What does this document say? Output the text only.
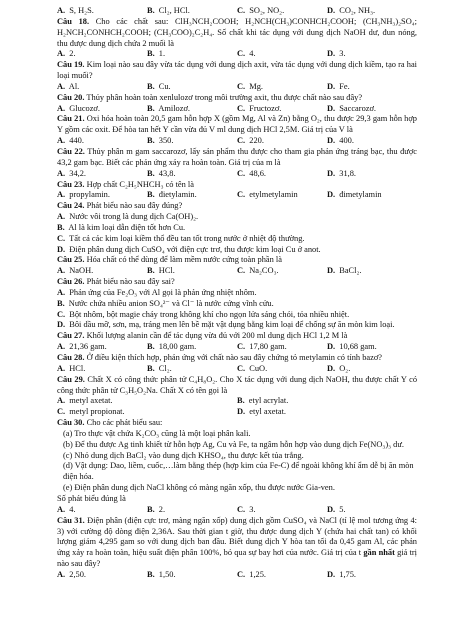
A. S, H₂S.	B. Cl₂, HCl.	C. SO₂, NO₂.	D. CO₂, NH₃.
Câu 18. Cho các chất sau: ClH₃NCH₂COOH; H₂NCH(CH₃)CONHCH₂COOH; (CH₃NH₃)₂SO₄; H₂NCH₂CONHCH₂COOH; (CH₃COO)₂C₂H₄. Số chất khi tác dụng với dung dịch NaOH dư, đun nóng, thu được dung dịch chứa 2 muối là
A. 2.	B. 1.	C. 4.	D. 3.
Câu 19. Kim loại nào sau đây vừa tác dụng với dung dịch axit, vừa tác dụng với dung dịch kiềm, tạo ra hai loại muối?
A. Al.	B. Cu.	C. Mg.	D. Fe.
Câu 20. Thủy phân hoàn toàn xenlulozơ trong môi trường axit, thu được chất nào sau đây?
A. Glucozơ.	B. Amilozơ.	C. Fructozơ.	D. Saccarozơ.
Câu 21. Oxi hóa hoàn toàn 20,5 gam hỗn hợp X (gồm Mg, Al và Zn) bằng O₂, thu được 29,3 gam hỗn hợp Y gồm các oxit. Để hòa tan hết Y cần vừa đủ V ml dung dịch HCl 2,5M. Giá trị của V là
A. 440.	B. 350.	C. 220.	D. 400.
Câu 22. Thủy phân m gam saccarozơ, lấy sản phẩm thu được cho tham gia phản ứng tráng bạc, thu được 43,2 gam bạc. Biết các phản ứng xảy ra hoàn toàn. Giá trị của m là
A. 34,2.	B. 43,8.	C. 48,6.	D. 31,8.
Câu 23. Hợp chất C₂H₅NHCH₃ có tên là
A. propylamin.	B. đietylamin.	C. etylmetylamin	D. đimetylamin
Câu 24. Phát biểu nào sau đây đúng?
A. Nước vôi trong là dung dịch Ca(OH)₂.
B. Al là kim loại dẫn điện tốt hơn Cu.
C. Tất cả các kim loại kiềm thổ đều tan tốt trong nước ở nhiệt độ thường.
D. Điện phân dung dịch CuSO₄ với điện cực trơ, thu được kim loại Cu ở anot.
Câu 25. Hóa chất có thể dùng để làm mềm nước cứng toàn phần là
A. NaOH.	B. HCl.	C. Na₂CO₃.	D. BaCl₂.
Câu 26. Phát biểu nào sau đây sai?
A. Phản ứng của Fe₂O₃ với Al gọi là phản ứng nhiệt nhôm.
B. Nước chứa nhiều anion SO₄²⁻ và Cl⁻ là nước cứng vĩnh cửu.
C. Bột nhôm, bột magie cháy trong không khí cho ngọn lửa sáng chói, tỏa nhiều nhiệt.
D. Bôi dầu mỡ, sơn, mạ, tráng men lên bề mặt vật dụng bằng kim loại để chống sự ăn mòn kim loại.
Câu 27. Khối lượng alanin cần để tác dụng vừa đủ với 200 ml dung dịch HCl 1,2 M là
A. 21,36 gam.	B. 18,00 gam.	C. 17,80 gam.	D. 10,68 gam.
Câu 28. Ở điều kiện thích hợp, phản ứng với chất nào sau đây chứng tỏ metylamin có tính bazơ?
A. HCl.	B. Cl₂.	C. CuO.	D. O₂.
Câu 29. Chất X có công thức phân tử C₄H₈O₂. Cho X tác dụng với dung dịch NaOH, thu được chất Y có công thức phân tử C₃H₅O₂Na. Chất X có tên gọi là
A. metyl axetat.	B. etyl acrylat.
C. metyl propionat.	D. etyl axetat.
Câu 30. Cho các phát biểu sau:
(a) Tro thực vật chứa K₂CO₃ cũng là một loại phân kali.
(b) Để thu được Ag tinh khiết từ hỗn hợp Ag, Cu và Fe, ta ngâm hỗn hợp vào dung dịch Fe(NO₃)₃ dư.
(c) Nhỏ dung dịch BaCl₂ vào dung dịch KHSO₄, thu được kết tủa trắng.
(d) Vật dụng: Dao, liềm, cuốc,…làm bằng thép (hợp kim của Fe-C) để ngoài không khí ẩm dễ bị ăn mòn điện hóa.
(e) Điện phân dung dịch NaCl không có màng ngăn xốp, thu được nước Gia-ven.
Số phát biểu đúng là
A. 4.	B. 2.	C. 3.	D. 5.
Câu 31. Điện phân (điện cực trơ, màng ngăn xốp) dung dịch gồm CuSO₄ và NaCl (tỉ lệ mol tương ứng 4: 3) với cường độ dòng điện 2,36A. Sau thời gian t giờ, thu được dung dịch Y (chứa hai chất tan) có khối lượng giảm 4,295 gam so với dung dịch ban đầu. Biết dung dịch Y hòa tan tối đa 0,45 gam Al, các phản ứng xảy ra hoàn toàn, hiệu suất điện phân 100%, bỏ qua sự bay hơi của nước. Giá trị của t gần nhất giá trị nào sau đây?
A. 2,50.	B. 1,50.	C. 1,25.	D. 1,75.
